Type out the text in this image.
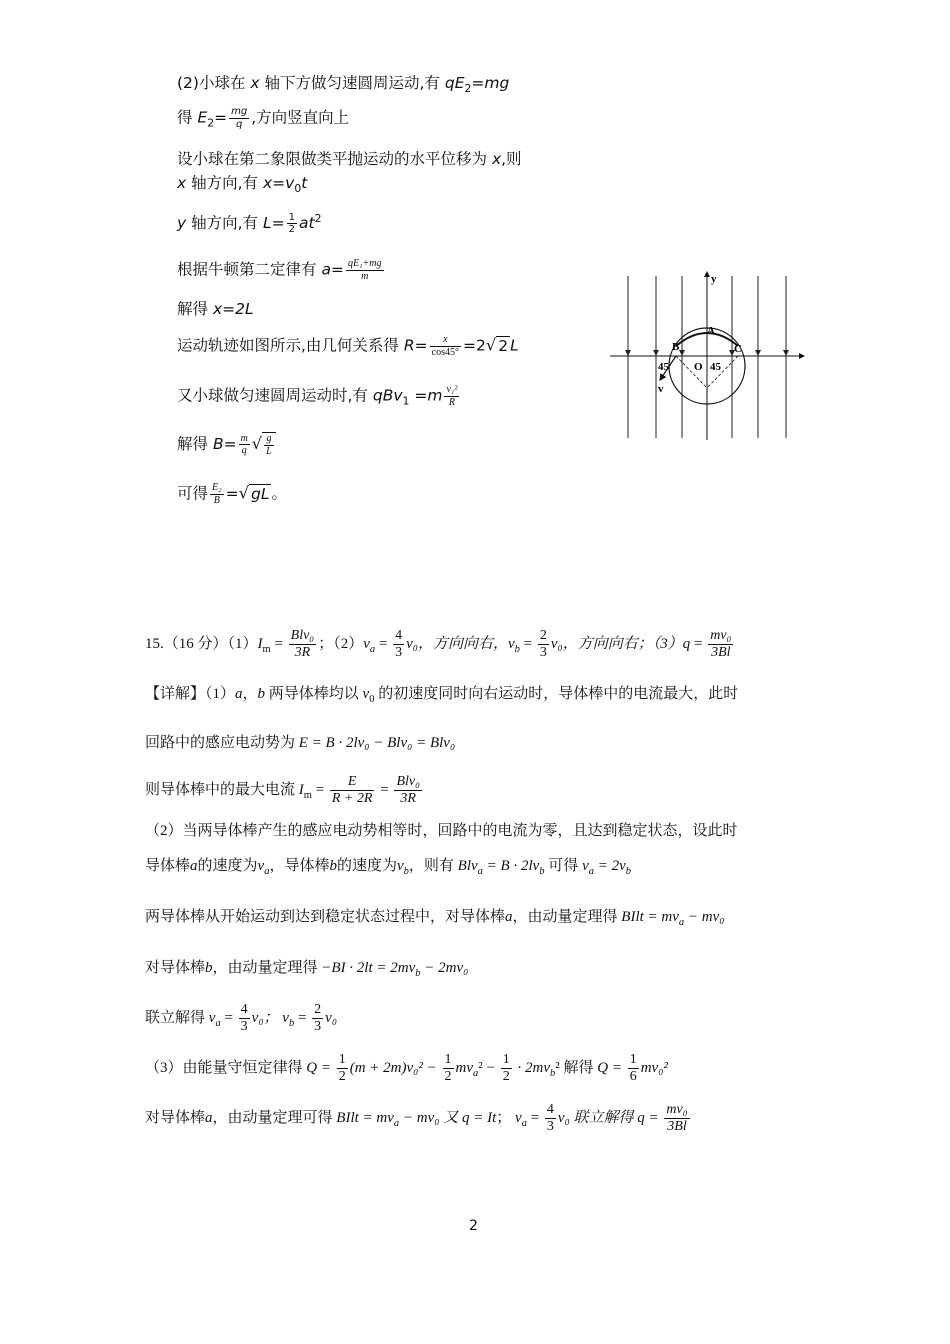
(2)小球在 x 轴下方做匀速圆周运动,有 $qE_2=mg$
得 $E_2= \frac{mg}{q}$ ,方向竖直向上
设小球在第二象限做类平抛运动的水平位移为 x,则
x 轴方向,有 $x=v_0t$
y 轴方向,有 $L= \frac{1}{2} at^2$
根据牛顿第二定律有 $a= \frac{\text{qE₁+mg}}{m}$
解得 x=2L
运动轨迹如图所示,由几何关系得 $R= \frac{x}{\cos 45^\circ} =2√$ 2 L
又小球做匀速圆周运动时,有 $qBv_1 =m \frac{\text{v₁²}}{R}$
解得 $B= \frac{m}{q}$ √ $\frac{g}{L}$
可得 $\frac{\text{E₂}}{B}$ =√ gL 。
y
A
B	C
O
45	45
v
15.（16 分）$(1)I_m = \frac{\text{Blv₀}}{3R}$ ；$(2)v_a = \frac{4}{3} v_0$，方向向右，$v_b = \frac{2}{3} v_0$，方向向右；$(3)q = \frac{\text{mv₀}}{3Bl}$
【详解】（1）a，b 两导体棒均以 $v_0$ 的初速度同时向右运动时，导体棒中的电流最大，此时
回路中的感应电动势为 E = B · 2lv₀ − Blv₀ = Blv₀
则导体棒中的最大电流 $I_m = \frac{E}{R + 2R} = \frac{\text{Blv₀}}{3R}$
（2）当两导体棒产生的感应电动势相等时，回路中的电流为零，且达到稳定状态，设此时
导体棒a的速度为$v_a$，导体棒b的速度为$v_b$，则有 $Blv_a = B \cdot 2lv_b$ 可得 $v_a = 2v_b$
两导体棒从开始运动到达到稳定状态过程中，对导体棒a，由动量定理得 BIlt = $mv_a - mv_0$
对导体棒b，由动量定理得 $-BI \cdot 2lt = 2mv_b - 2mv_0$
联立解得 $v_a = \frac{4}{3} v_0$； $v_b = \frac{2}{3} v_0$
（3）由能量守恒定律得 $Q = \frac{1}{2} (m + 2m)v_0^2 - \frac{1}{2} mv_a^2 - \frac{1}{2} \cdot 2mv_b^2$ 解得 $Q = \frac{1}{6} mv_0^2$
对导体棒a，由动量定理可得 BIlt = $mv_a - mv_0$ 又 q = It； $v_a = \frac{4}{3} v_0$ 联立解得 $q = \frac{\text{mv₀}}{3Bl}$
2
